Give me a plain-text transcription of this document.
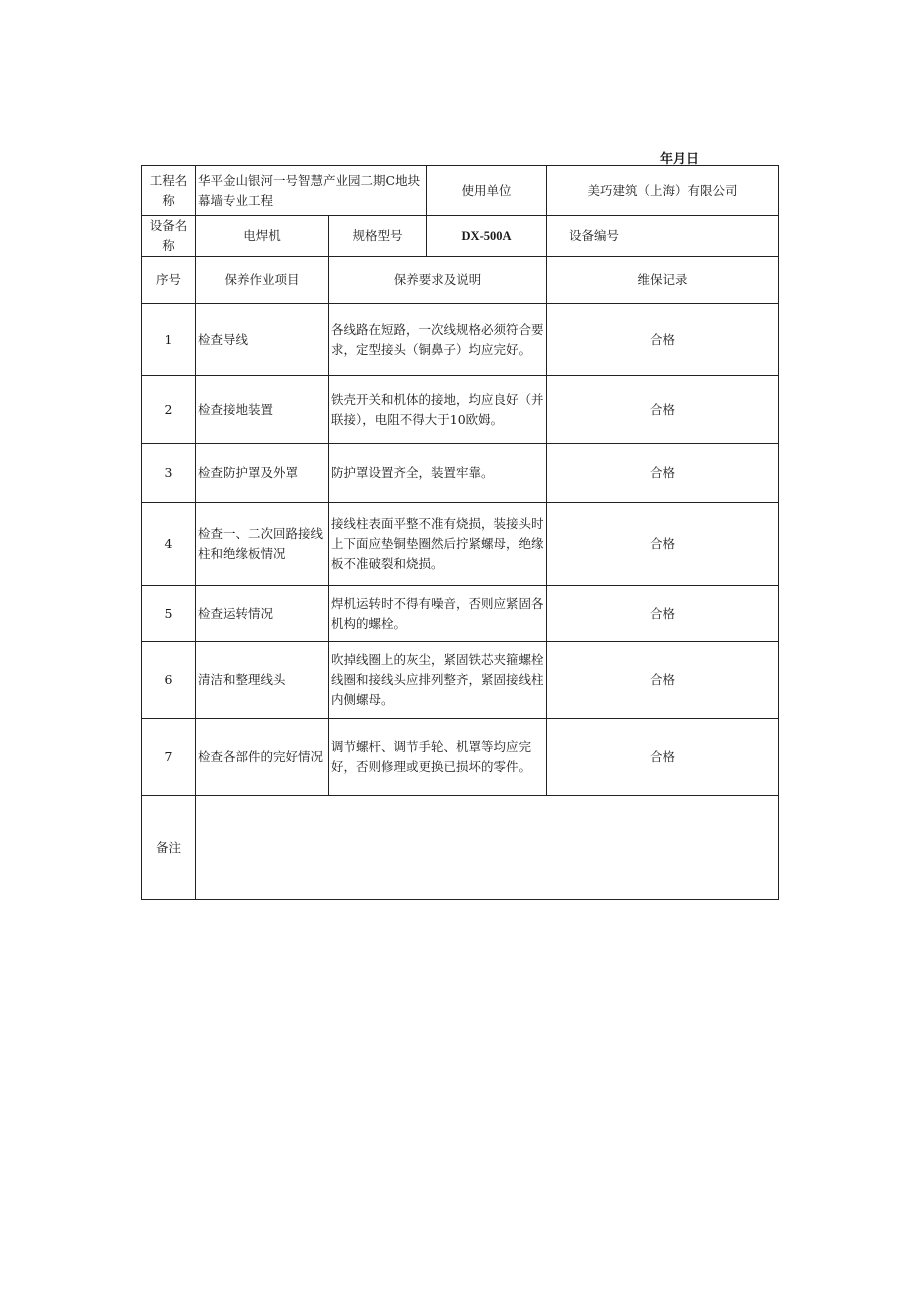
年月日
工程名称	华平金山银河一号智慧产业园二期C地块幕墙专业工程		使用单位	美巧建筑（上海）有限公司
设备名称	电焊机	规格型号	DX-500A	设备编号
序号	保养作业项目	保养要求及说明		维保记录
1	检查导线	各线路在短路，一次线规格必须符合要求，定型接头（铜鼻子）均应完好。		合格
2	检查接地装置	铁壳开关和机体的接地，均应良好（并联接），电阻不得大于10欧姆。		合格
3	检查防护罩及外罩	防护罩设置齐全，装置牢靠。		合格
4	检查一、二次回路接线柱和绝缘板情况	接线柱表面平整不准有烧损，装接头时上下面应垫铜垫圈然后拧紧螺母，绝缘板不准破裂和烧损。		合格
5	检查运转情况	焊机运转时不得有噪音，否则应紧固各机构的螺栓。		合格
6	清洁和整理线头	吹掉线圈上的灰尘，紧固铁芯夹箍螺栓线圈和接线头应排列整齐，紧固接线柱内侧螺母。		合格
7	检查各部件的完好情况	调节螺杆、调节手轮、机罩等均应完好，否则修理或更换已损坏的零件。		合格
备注				
